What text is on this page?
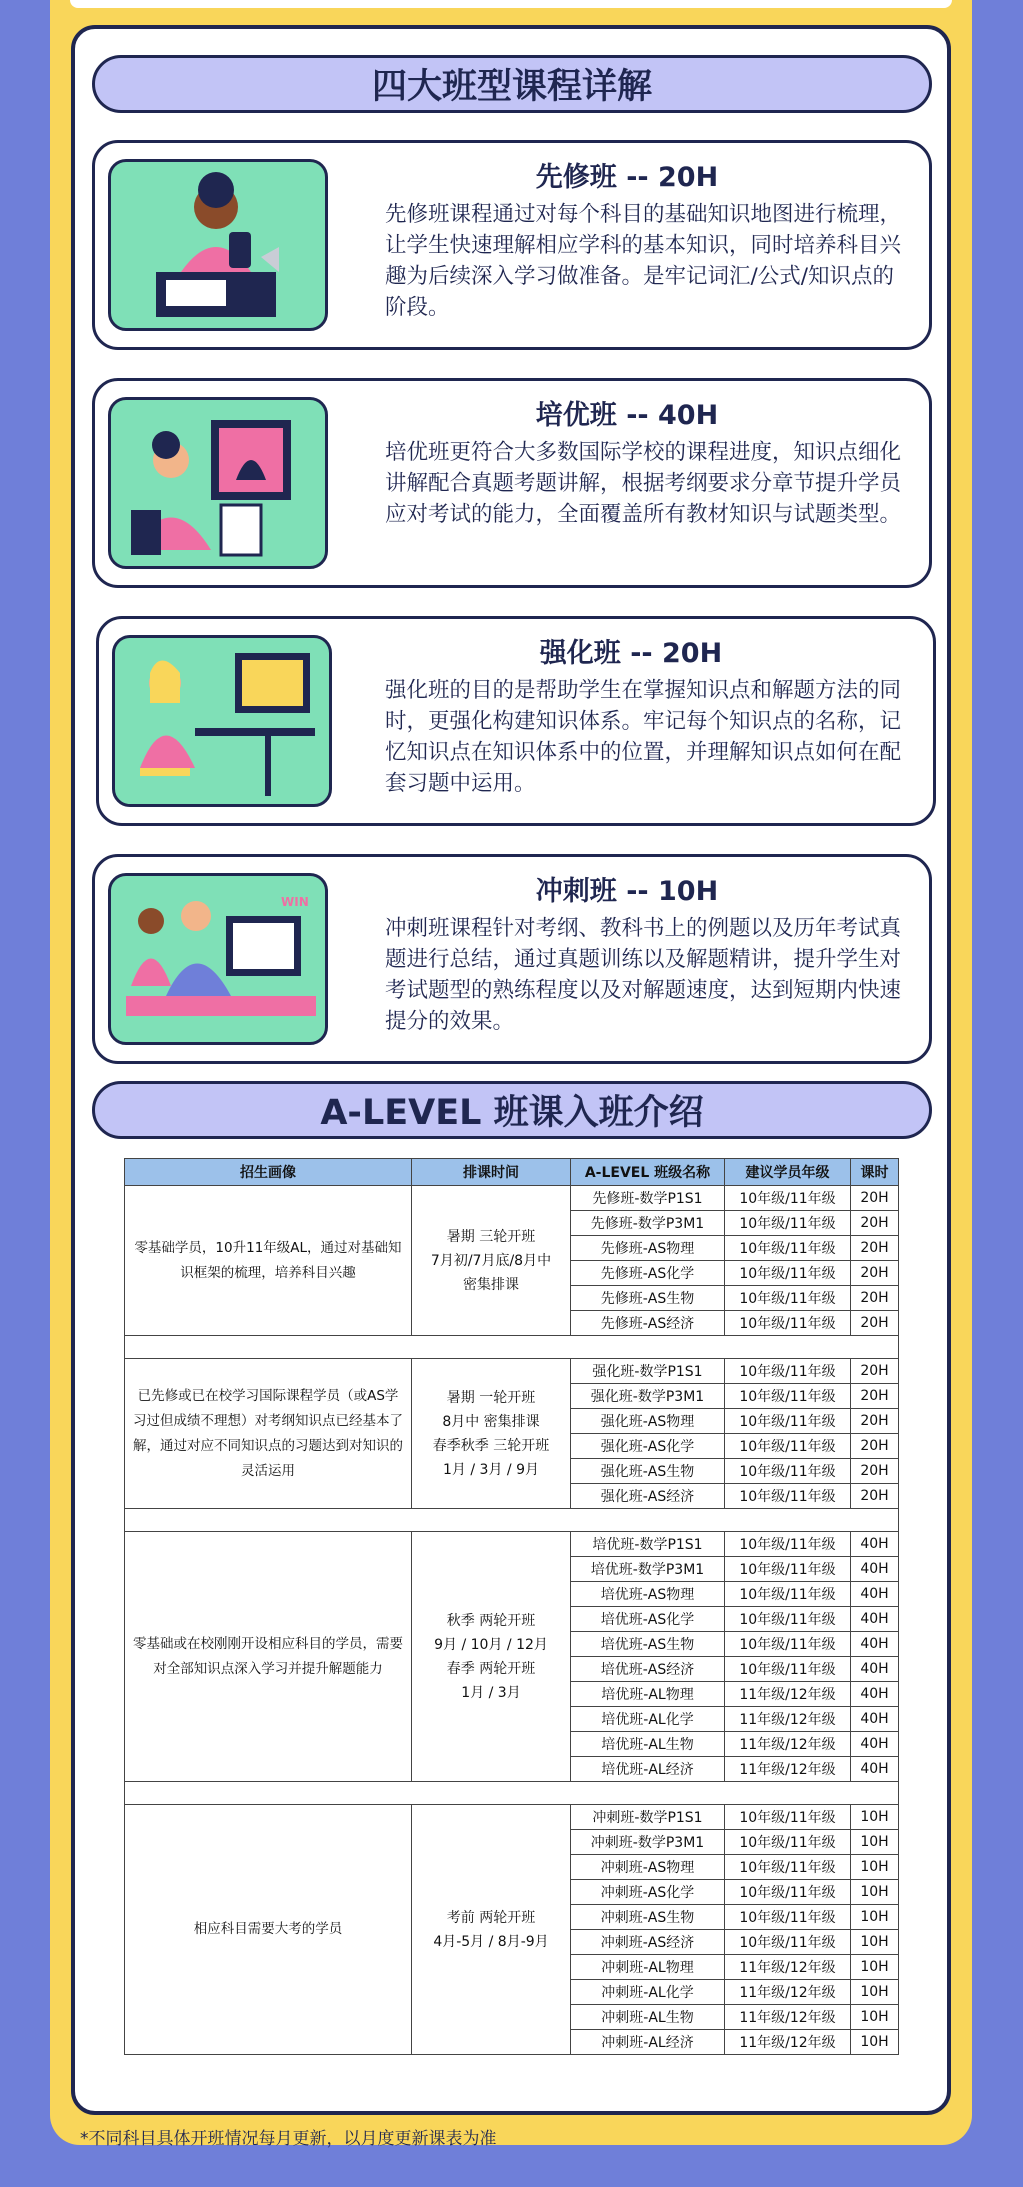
四大班型课程详解
先修班 -- 20H
先修班课程通过对每个科目的基础知识地图进行梳理，让学生快速理解相应学科的基本知识，同时培养科目兴趣为后续深入学习做准备。是牢记词汇/公式/知识点的阶段。
培优班 -- 40H
培优班更符合大多数国际学校的课程进度，知识点细化讲解配合真题考题讲解，根据考纲要求分章节提升学员应对考试的能力，全面覆盖所有教材知识与试题类型。
强化班 -- 20H
强化班的目的是帮助学生在掌握知识点和解题方法的同时，更强化构建知识体系。牢记每个知识点的名称，记忆知识点在知识体系中的位置，并理解知识点如何在配套习题中运用。
WIN	冲刺班 -- 10H
冲刺班课程针对考纲、教科书上的例题以及历年考试真题进行总结，通过真题训练以及解题精讲，提升学生对考试题型的熟练程度以及对解题速度，达到短期内快速提分的效果。
A-LEVEL 班课入班介绍
招生画像	排课时间	A-LEVEL 班级名称	建议学员年级	课时
零基础学员，10升11年级AL，通过对基础知识框架的梳理，培养科目兴趣	暑期 三轮开班
7月初/7月底/8月中
密集排课	先修班-数学P1S1	10年级/11年级	20H
		先修班-数学P3M1	10年级/11年级	20H
		先修班-AS物理	10年级/11年级	20H
		先修班-AS化学	10年级/11年级	20H
		先修班-AS生物	10年级/11年级	20H
		先修班-AS经济	10年级/11年级	20H

已先修或已在校学习国际课程学员（或AS学习过但成绩不理想）对考纲知识点已经基本了解，通过对应不同知识点的习题达到对知识的灵活运用	暑期 一轮开班
8月中 密集排课
春季秋季 三轮开班
1月 / 3月 / 9月	强化班-数学P1S1	10年级/11年级	20H
		强化班-数学P3M1	10年级/11年级	20H
		强化班-AS物理	10年级/11年级	20H
		强化班-AS化学	10年级/11年级	20H
		强化班-AS生物	10年级/11年级	20H
		强化班-AS经济	10年级/11年级	20H

零基础或在校刚刚开设相应科目的学员，需要对全部知识点深入学习并提升解题能力	秋季 两轮开班
9月 / 10月 / 12月
春季 两轮开班
1月 / 3月	培优班-数学P1S1	10年级/11年级	40H
		培优班-数学P3M1	10年级/11年级	40H
		培优班-AS物理	10年级/11年级	40H
		培优班-AS化学	10年级/11年级	40H
		培优班-AS生物	10年级/11年级	40H
		培优班-AS经济	10年级/11年级	40H
		培优班-AL物理	11年级/12年级	40H
		培优班-AL化学	11年级/12年级	40H
		培优班-AL生物	11年级/12年级	40H
		培优班-AL经济	11年级/12年级	40H

相应科目需要大考的学员	考前 两轮开班
4月-5月 / 8月-9月	冲刺班-数学P1S1	10年级/11年级	10H
		冲刺班-数学P3M1	10年级/11年级	10H
		冲刺班-AS物理	10年级/11年级	10H
		冲刺班-AS化学	10年级/11年级	10H
		冲刺班-AS生物	10年级/11年级	10H
		冲刺班-AS经济	10年级/11年级	10H
		冲刺班-AL物理	11年级/12年级	10H
		冲刺班-AL化学	11年级/12年级	10H
		冲刺班-AL生物	11年级/12年级	10H
		冲刺班-AL经济	11年级/12年级	10H
*不同科目具体开班情况每月更新，以月度更新课表为准
